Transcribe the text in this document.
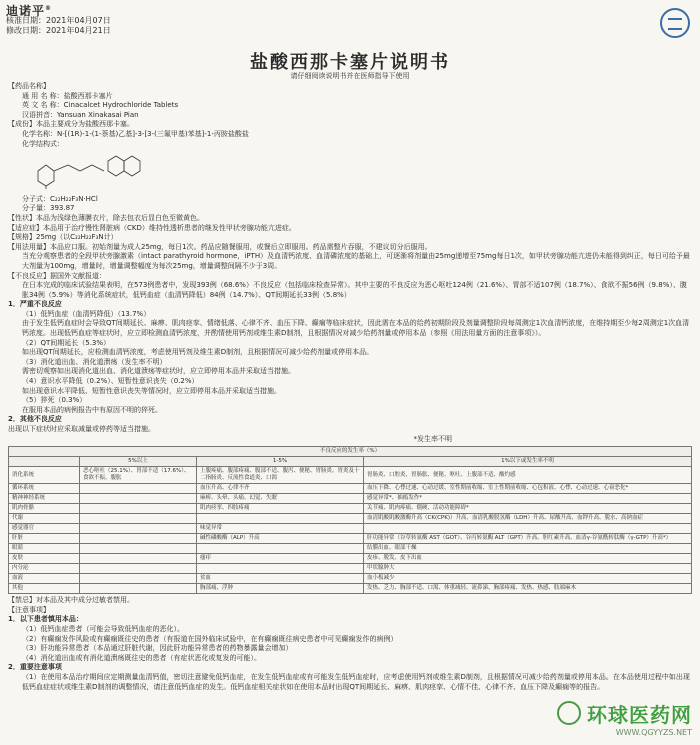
迪诺平®
核准日期：2021年04月07日
修改日期：2021年04月21日
盐酸西那卡塞片说明书
请仔细阅读说明书并在医师指导下使用

【药品名称】

通 用 名 称：盐酸西那卡塞片

英 文 名 称：Cinacalcet Hydrochloride Tablets

汉语拼音：Yansuan Xinakasai Pian

【成份】本品主要成分为盐酸西那卡塞。

化学名称：N-[(1R)-1-(1-萘基)乙基]-3-[3-(三氟甲基)苯基]-1-丙胺盐酸盐

化学结构式：

分子式：C₂₂H₂₂F₃N·HCl

分子量：393.87

【性状】本品为浅绿色薄膜衣片，除去包衣后显白色至微黄色。

【适应症】本品用于治疗慢性肾脏病（CKD）维持性透析患者的继发性甲状旁腺功能亢进症。

【规格】25mg（以C₂₂H₂₂F₃N计）

【用法用量】本品应口服。初始剂量为成人25mg，每日1次。药品应随餐服用，或餐后立即服用。药品需整片吞服，不建议切分后服用。

当充分观察患者的全段甲状旁腺激素（intact parathyroid hormone，iPTH）及血清钙浓度、血清磷浓度的基础上，可逐渐将剂量由25mg递增至75mg每日1次，如甲状旁腺功能亢进仍未能得到纠正，每日可给予最大剂量为100mg，增量时，增量调整幅度为每次25mg，增量调整间隔不少于3周。

【不良反应】据国外文献报道：

在日本完成的临床试验结果表明，在573例患者中，发现393例（68.6%）不良反应（包括临床检查异常）。其中主要的不良反应为恶心呕吐124例（21.6%）、胃部不适107例（18.7%）、食欲不振56例（9.8%）、腹胀34例（5.9%）等消化系统症状，低钙血症（血清钙降低）84例（14.7%）、QT间期延长33例（5.8%）

1．严重不良反应

（1）低钙血症（血清钙降低）（13.7%）

由于发生低钙血症时会导致QT间期延长、麻痹、肌肉痉挛、情绪低落、心律不齐、血压下降、癫痫等临床症状，因此需在本品的给药初期阶段及剂量调整阶段每周测定1次血清钙浓度，在维持期至少每2周测定1次血清钙浓度。出现低钙血症等症状时，应立即检测血清钙浓度，并酌情使用钙剂或维生素D制剂，且根据情况对减少给药剂量或停用本品（参照《用法用量方面的注意事项》）。

（2）QT间期延长（5.3%）

如出现QT间期延长，应检测血清钙浓度，考虑使用钙剂及维生素D制剂，且根据情况可减少给药剂量或停用本品。

（3）消化道出血、消化道溃疡（发生率不明）

需密切观察如出现消化道出血、消化道溃疡等症状时，应立即停用本品并采取适当措施。

（4）意识水平降低（0.2%）、短暂性意识丧失（0.2%）

如出现意识水平降低、短暂性意识丧失等情况时，应立即停用本品并采取适当措施。

（5）猝死（0.3%）

在服用本品的病例报告中有原因不明的猝死。

2．其他不良反应

出现以下症状时应采取减量或停药等适当措施。

*发生率不明

不良反应的发生率（%）			
	5%以上	1-5%	1%以下或发生率不明
消化系统	恶心呕吐（25.1%）、胃部不适（17.6%）、食欲不振、腹胀	上腹疼痛、腹部疼痛、腹部不适、腹泻、便秘、胃肠炎、胃炎及十二指肠炎、反流性食道炎、口渴	胃肠炎、口腔炎、胃肠胀、便秘、呕吐、上腹部不适、酸灼感
循环系统		血压升高、心律不齐	血压下降、心悸过速、心动过缓、室性期前收缩、室上性期前收缩、心包积液、心悸、心动过速、心衰恶化*
精神神经系统		麻痹、头晕、头痛、幻觉、失眠	感觉异常*、抽搐发作*
肌肉骨骼		肌肉痉挛、四肢疼痛	关节痛、肌肉疼痛、僵硬、活动功能障碍*
代谢			血清肌酸肌酸激酶升高（CK(CPK)）升高、血清乳酸脱氢酶（LDH）升高、尿酸升高、血钾升高、脱水、高钠血症
感觉器官		味觉异常	
肝脏		碱性磷酸酶（ALP）升高	肝功能异常（谷草转氨酶 AST（GOT）、谷丙转氨酶 ALT（GPT）升高、胆红素升高、血清γ-谷氨酰转肽酶（γ-GTP）升高*）
眼睛			结膜出血、眼部干燥
皮肤		瘙痒	皮疹、脱发、皮下出血
内分泌			甲状腺肿大
血液		贫血	血小板减少
其他		胸部痛、浮肿	发热、乏力、胸部不适、口渴、体重减轻、流鼻涕、胸部疼痛、发热、热感、肢端麻木

【禁忌】对本品及其中成分过敏者禁用。

【注意事项】

1．以下患者慎用本品：

（1）低钙血症患者（可能会导致低钙血症的恶化）。

（2）有癫痫发作风险或有癫痫既往史的患者（有报道在国外临床试验中，在有癫痫既往病史患者中可见癫痫发作的病例）

（3）肝功能异常患者（本品通过肝脏代谢，因此肝功能异常患者的药物暴露量会增加）

（4）消化道出血或有消化道溃疡既往史的患者（有症状恶化或复发的可能）。

2．重要注意事项

（1）在使用本品治疗期间应定期测量血清钙值，密切注意避免低钙血症，在发生低钙血症或有可能发生低钙血症时，应考虑使用钙剂或维生素D制剂，且根据情况可减少给药剂量或停用本品。在本品使用过程中如出现低钙血症症状或维生素D制剂的调整情况，请注意低钙血症的发生。低钙血症相关症状如在使用本品时出现QT间期延长、麻痹、肌肉痉挛、心情不佳、心律不齐、血压下降及癫痫等的报告。

环球医药网
WWW.QGYYZS.NET
